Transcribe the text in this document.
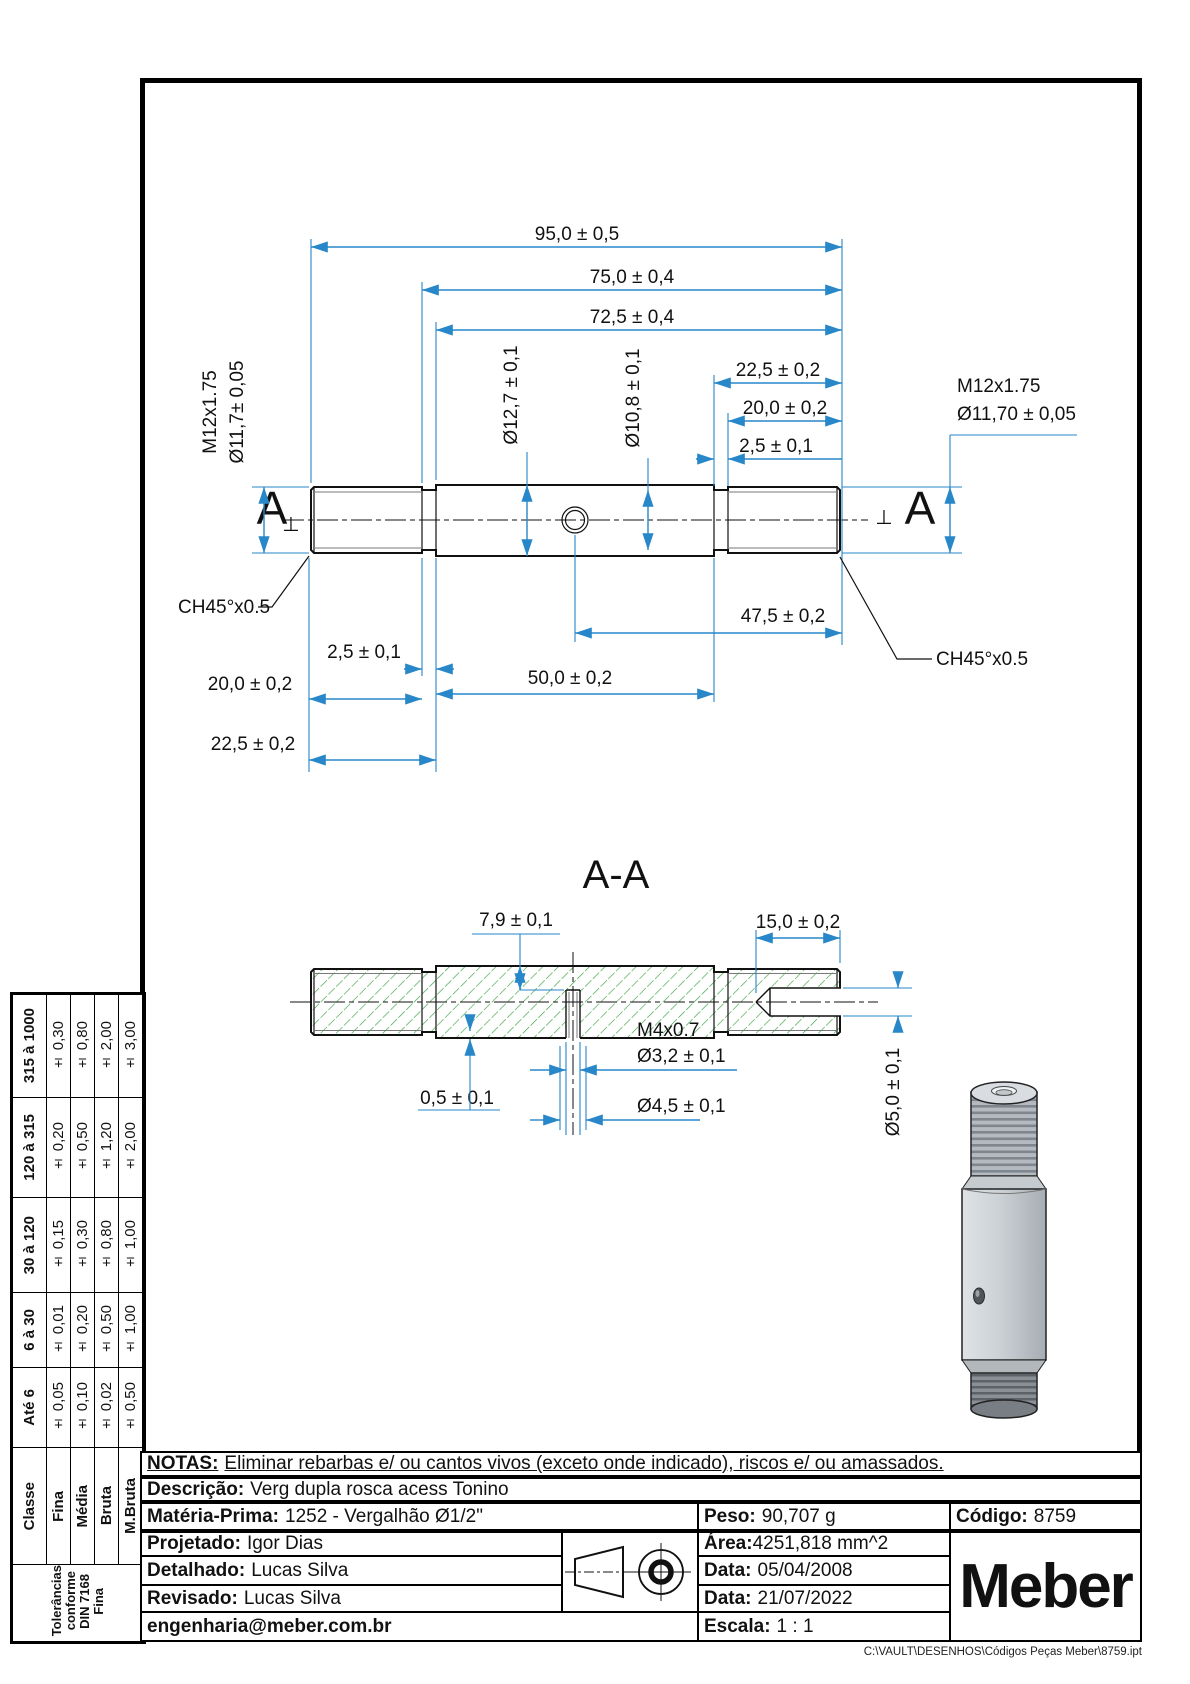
A
⊥	⊥ A
95,0 ± 0,5
75,0 ± 0,4
72,5 ± 0,4
Ø12,7 ± 0,1	Ø10,8 ± 0,1	22,5 ± 0,2
20,0 ± 0,2
2,5 ± 0,1
M12x1.75
Ø11,70 ± 0,05
M12x1.75 Ø11,7± 0,05
CH45°x0.5
CH45°x0.5
2,5 ± 0,1
20,0 ± 0,2
22,5 ± 0,2
50,0 ± 0,2
47,5 ± 0,2
A-A
7,9 ± 0,1	15,0 ± 0,2
0,5 ± 0,1
M4x0.7
Ø3,2 ± 0,1
Ø4,5 ± 0,1	Ø5,0 ± 0,1
315 à 1000 ± 0,30 ± 0,80 ± 2,00 ± 3,00
120 à 315 ± 0,20 ± 0,50 ± 1,20 ± 2,00
30 à 120 ± 0,15 ± 0,30 ± 0,80 ± 1,00
6 à 30 ± 0,01 ± 0,20 ± 0,50 ± 1,00
Até 6 ± 0,05 ± 0,10 ± 0,02 ± 0,50
Classe Fina Média Bruta M.Bruta
Tolerâncias conforme DIN 7168 Fina
NOTAS: Eliminar rebarbas e/ ou cantos vivos (exceto onde indicado), riscos e/ ou amassados.
Descrição: Verg dupla rosca acess Tonino
Matéria-Prima: 1252 - Vergalhão Ø1/2"	Peso: 90,707 g	Código: 8759
Projetado: Igor Dias
Detalhado: Lucas Silva
Revisado: Lucas Silva
engenharia@meber.com.br
Área: 4251,818 mm^2
Data: 05/04/2008
Data: 21/07/2022
Escala: 1 : 1
Meber
C:\VAULT\DESENHOS\Códigos Peças Meber\8759.ipt
